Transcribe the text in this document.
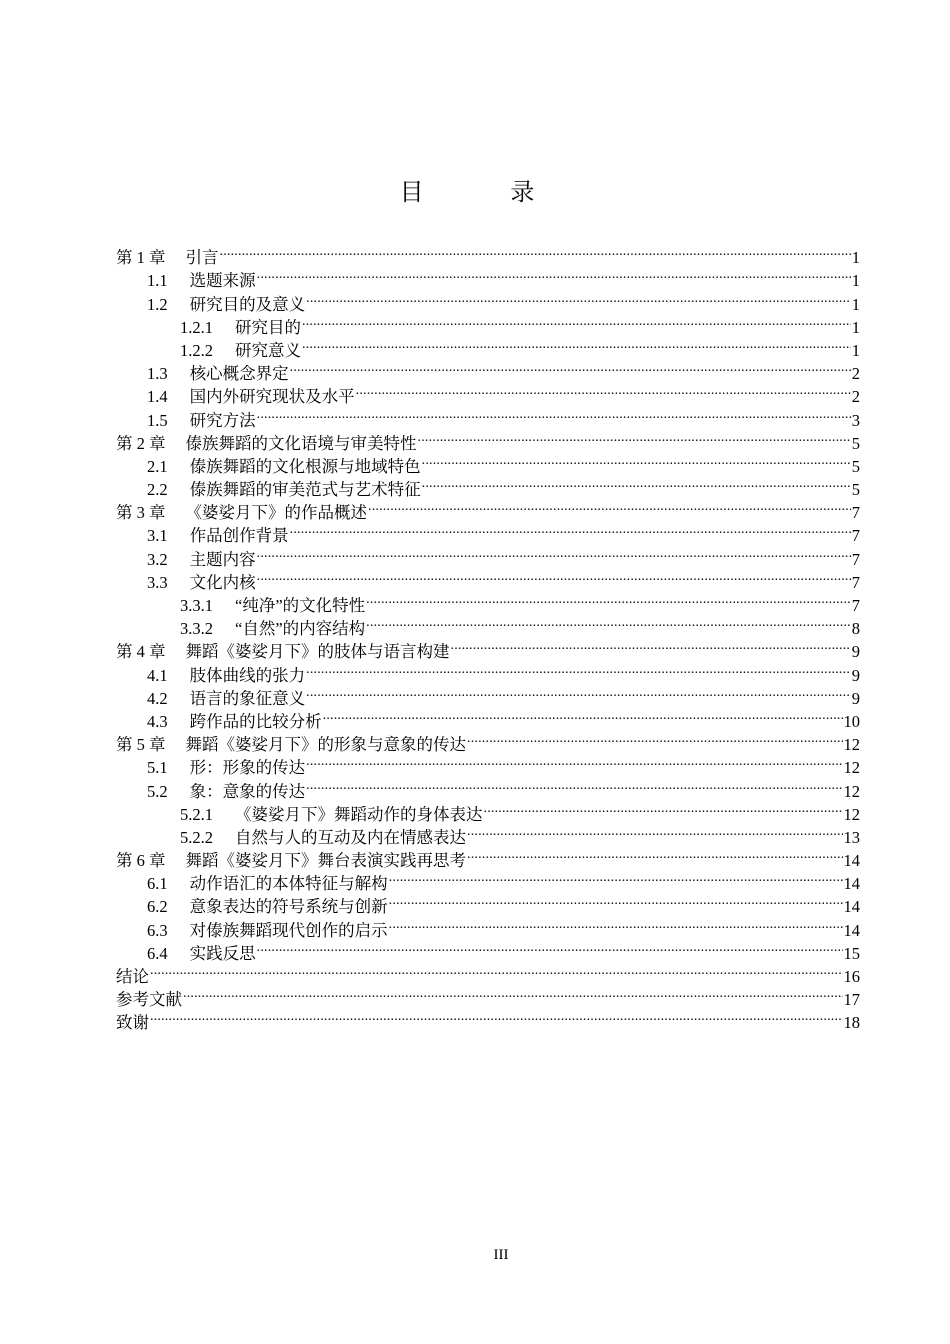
目 录
第 1 章 引言 .....	1
1.1 选题来源 .....	1
1.2 研究目的及意义 .....	1
1.2.1 研究目的 .....	1
1.2.2 研究意义 .....	1
1.3 核心概念界定 .....	2
1.4 国内外研究现状及水平 .....	2
1.5 研究方法 .....	3
第 2 章 傣族舞蹈的文化语境与审美特性 .....	5
2.1 傣族舞蹈的文化根源与地域特色 .....	5
2.2 傣族舞蹈的审美范式与艺术特征 .....	5
第 3 章 《婆娑月下》的作品概述 .....	7
3.1 作品创作背景 .....	7
3.2 主题内容 .....	7
3.3 文化内核 .....	7
3.3.1 “纯净”的文化特性 .....	7
3.3.2 “自然”的内容结构 .....	8
第 4 章 舞蹈《婆娑月下》的肢体与语言构建 .....	9
4.1 肢体曲线的张力 .....	9
4.2 语言的象征意义 .....	9
4.3 跨作品的比较分析 .....	10
第 5 章 舞蹈《婆娑月下》的形象与意象的传达 .....	12
5.1 形：形象的传达 .....	12
5.2 象：意象的传达 .....	12
5.2.1 《婆娑月下》舞蹈动作的身体表达 .....	12
5.2.2 自然与人的互动及内在情感表达 .....	13
第 6 章 舞蹈《婆娑月下》舞台表演实践再思考 .....	14
6.1 动作语汇的本体特征与解构 .....	14
6.2 意象表达的符号系统与创新 .....	14
6.3 对傣族舞蹈现代创作的启示 .....	14
6.4 实践反思 .....	15
结论 .....	16
参考文献 .....	17
致谢 .....	18
III
